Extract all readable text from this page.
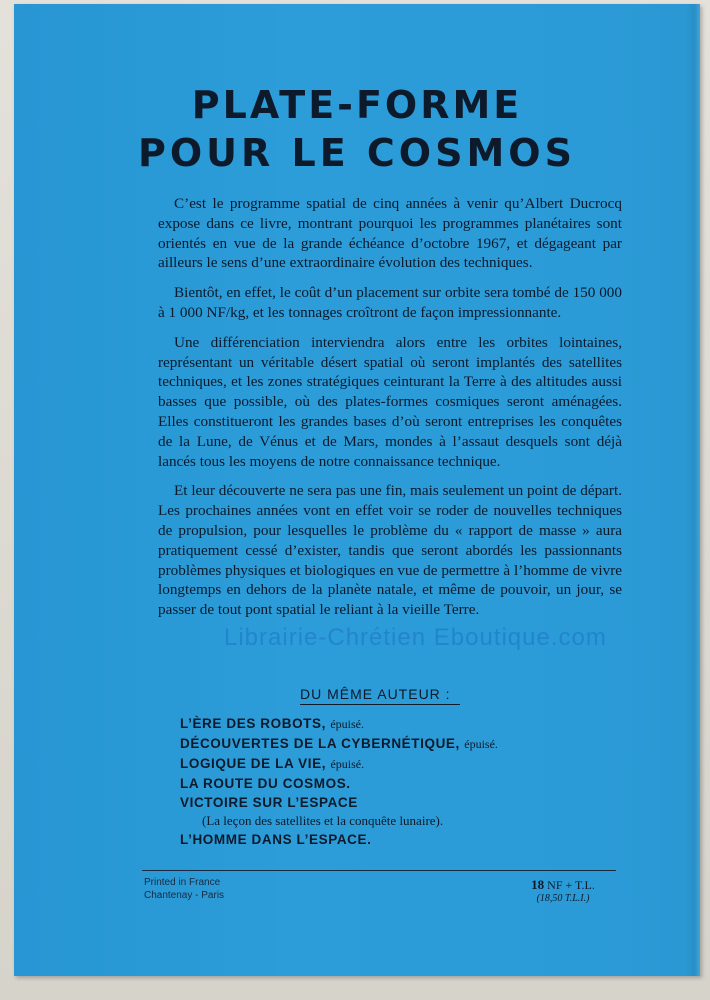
PLATE-FORME
POUR LE COSMOS

C’est le programme spatial de cinq années à venir qu’Albert Ducrocq expose dans ce livre, montrant pourquoi les programmes planétaires sont orientés en vue de la grande échéance d’octobre 1967, et dégageant par ailleurs le sens d’une extraordinaire évolution des techniques.

Bientôt, en effet, le coût d’un placement sur orbite sera tombé de 150 000 à 1 000 NF/kg, et les tonnages croîtront de façon impressionnante.

Une différenciation interviendra alors entre les orbites lointaines, représentant un véritable désert spatial où seront implantés des satellites techniques, et les zones stratégiques ceinturant la Terre à des altitudes aussi basses que possible, où des plates-formes cosmiques seront aménagées. Elles constitueront les grandes bases d’où seront entreprises les conquêtes de la Lune, de Vénus et de Mars, mondes à l’assaut desquels sont déjà lancés tous les moyens de notre connaissance technique.

Et leur découverte ne sera pas une fin, mais seulement un point de départ. Les prochaines années vont en effet voir se roder de nouvelles techniques de propulsion, pour lesquelles le problème du « rapport de masse » aura pratiquement cessé d’exister, tandis que seront abordés les passionnants problèmes physiques et biologiques en vue de permettre à l’homme de vivre longtemps en dehors de la planète natale, et même de pouvoir, un jour, se passer de tout pont spatial le reliant à la vieille Terre.

Librairie-Chrétien Eboutique.com
DU MÊME AUTEUR :
L’ÈRE DES ROBOTS, épuisé.
DÉCOUVERTES DE LA CYBERNÉTIQUE, épuisé.
LOGIQUE DE LA VIE, épuisé.
LA ROUTE DU COSMOS.
VICTOIRE SUR L’ESPACE
(La leçon des satellites et la conquête lunaire).
L’HOMME DANS L’ESPACE.
Printed in France
Chantenay - Paris
18 NF + T.L.
(18,50 T.L.I.)
